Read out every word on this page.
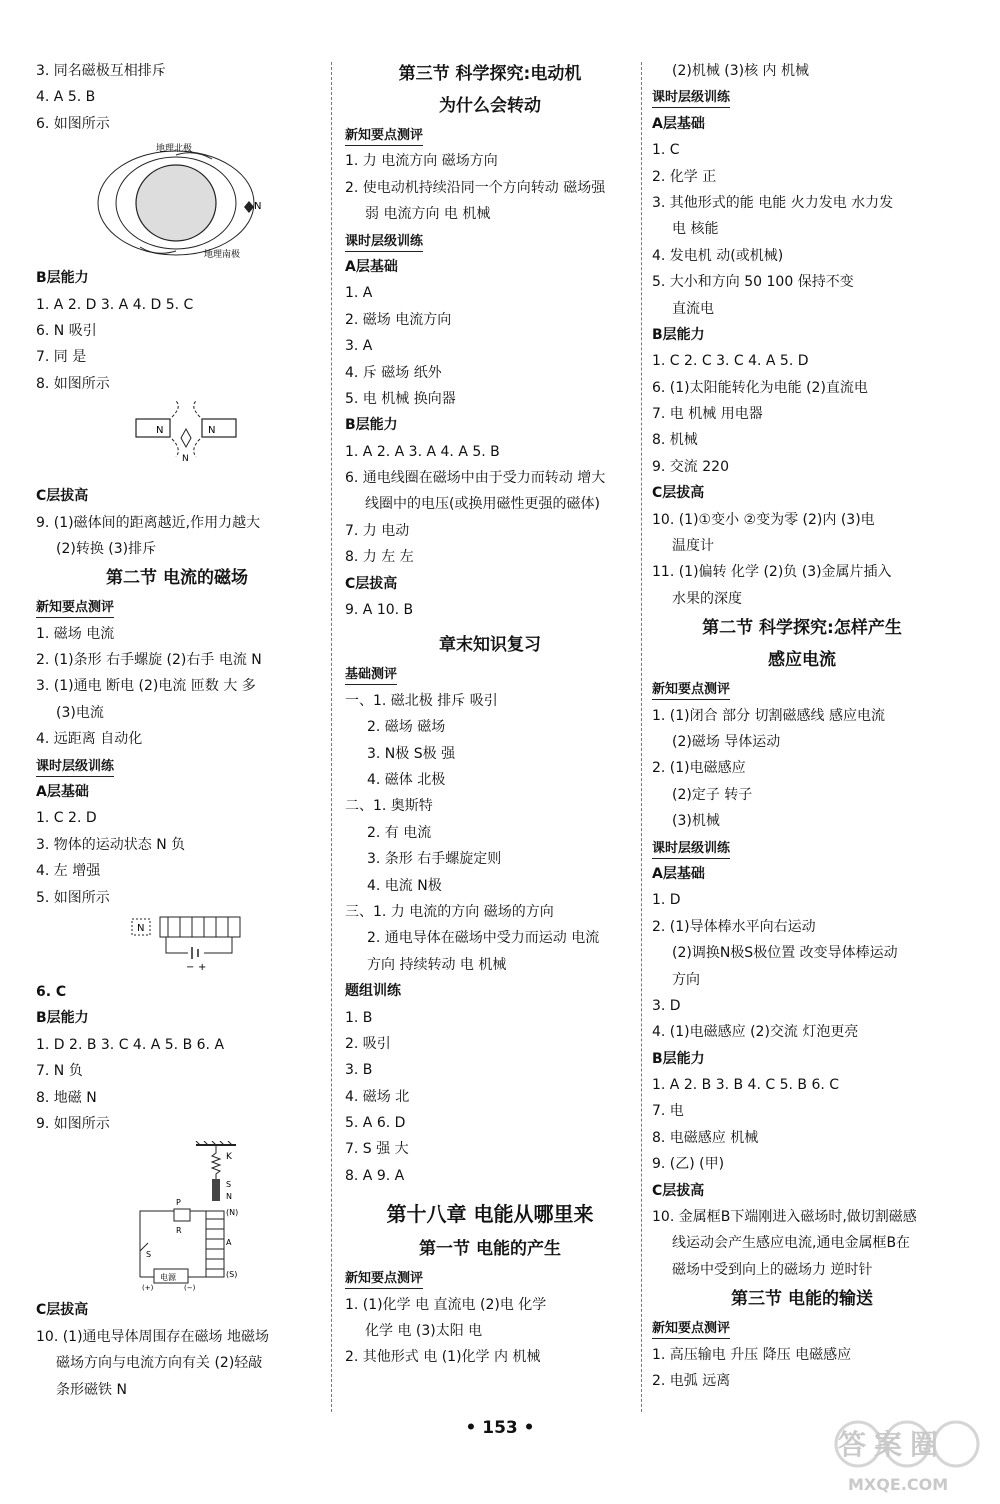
3. 同名磁极互相排斥
4. A 5. B
6. 如图所示
地理北极
地理南极
N
B层能力
1. A 2. D 3. A 4. D 5. C
6. N 吸引
7. 同 是
8. 如图所示
N	N
N
C层拔高
9. (1)磁体间的距离越近,作用力越大
(2)转换 (3)排斥
第二节 电流的磁场
新知要点测评
1. 磁场 电流
2. (1)条形 右手螺旋 (2)右手 电流 N
3. (1)通电 断电 (2)电流 匝数 大 多
(3)电流
4. 远距离 自动化
课时层级训练
A层基础
1. C 2. D
3. 物体的运动状态 N 负
4. 左 增强
5. 如图所示
N
− +
6. C
B层能力
1. D 2. B 3. C 4. A 5. B 6. A
7. N 负
8. 地磁 N
9. 如图所示
K
S
N
(N)
A
(S)
P
R
S
电源
(+)	(−)
C层拔高
10. (1)通电导体周围存在磁场 地磁场
磁场方向与电流方向有关 (2)轻敲
条形磁铁 N
第三节 科学探究:电动机
为什么会转动
新知要点测评
1. 力 电流方向 磁场方向
2. 使电动机持续沿同一个方向转动 磁场强
弱 电流方向 电 机械
课时层级训练
A层基础
1. A
2. 磁场 电流方向
3. A
4. 斥 磁场 纸外
5. 电 机械 换向器
B层能力
1. A 2. A 3. A 4. A 5. B
6. 通电线圈在磁场中由于受力而转动 增大
线圈中的电压(或换用磁性更强的磁体)
7. 力 电动
8. 力 左 左
C层拔高
9. A 10. B
章末知识复习
基础测评
一、1. 磁北极 排斥 吸引
2. 磁场 磁场
3. N极 S极 强
4. 磁体 北极
二、1. 奥斯特
2. 有 电流
3. 条形 右手螺旋定则
4. 电流 N极
三、1. 力 电流的方向 磁场的方向
2. 通电导体在磁场中受力而运动 电流
方向 持续转动 电 机械
题组训练
1. B
2. 吸引
3. B
4. 磁场 北
5. A 6. D
7. S 强 大
8. A 9. A
第十八章 电能从哪里来
第一节 电能的产生
新知要点测评
1. (1)化学 电 直流电 (2)电 化学
化学 电 (3)太阳 电
2. 其他形式 电 (1)化学 内 机械
(2)机械 (3)核 内 机械
课时层级训练
A层基础
1. C
2. 化学 正
3. 其他形式的能 电能 火力发电 水力发
电 核能
4. 发电机 动(或机械)
5. 大小和方向 50 100 保持不变
直流电
B层能力
1. C 2. C 3. C 4. A 5. D
6. (1)太阳能转化为电能 (2)直流电
7. 电 机械 用电器
8. 机械
9. 交流 220
C层拔高
10. (1)①变小 ②变为零 (2)内 (3)电
温度计
11. (1)偏转 化学 (2)负 (3)金属片插入
水果的深度
第二节 科学探究:怎样产生
感应电流
新知要点测评
1. (1)闭合 部分 切割磁感线 感应电流
(2)磁场 导体运动
2. (1)电磁感应
(2)定子 转子
(3)机械
课时层级训练
A层基础
1. D
2. (1)导体棒水平向右运动
(2)调换N极S极位置 改变导体棒运动
方向
3. D
4. (1)电磁感应 (2)交流 灯泡更亮
B层能力
1. A 2. B 3. B 4. C 5. B 6. C
7. 电
8. 电磁感应 机械
9. (乙) (甲)
C层拔高
10. 金属框B下端刚进入磁场时,做切割磁感
线运动会产生感应电流,通电金属框B在
磁场中受到向上的磁场力 逆时针
第三节 电能的输送
新知要点测评
1. 高压输电 升压 降压 电磁感应
2. 电弧 远离
• 153 •	答案圈
MXQE.COM
